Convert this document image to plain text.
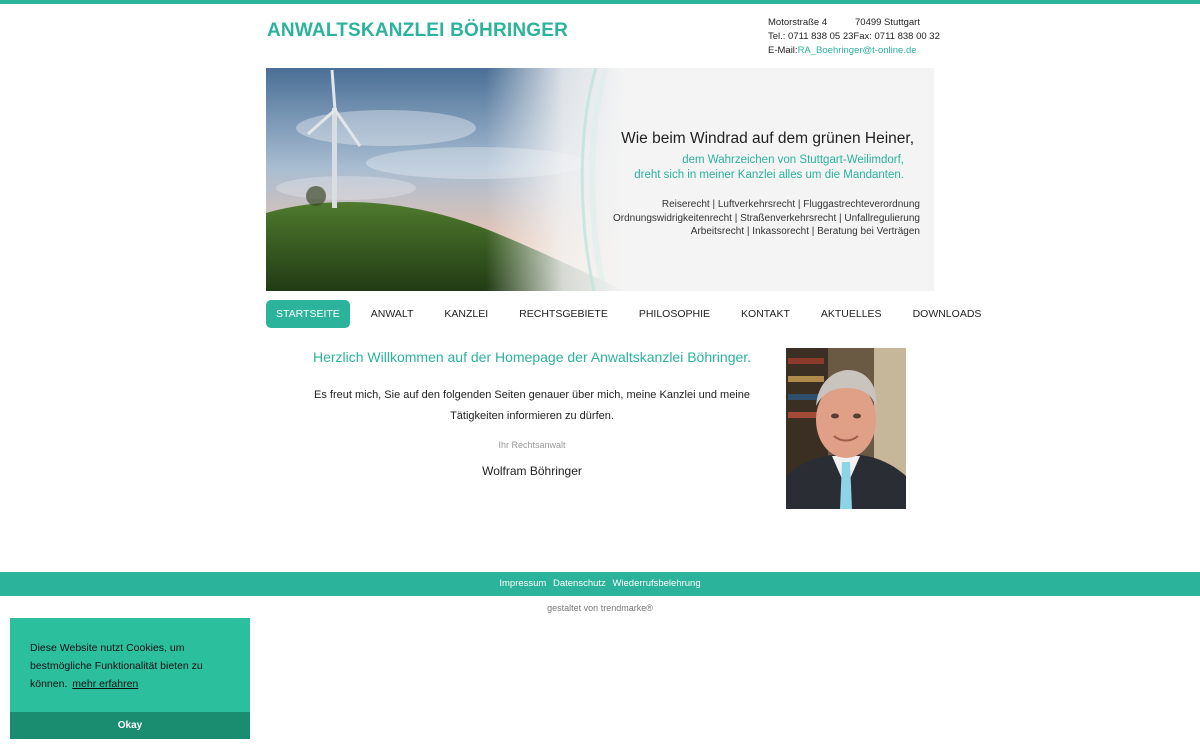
ANWALTSKANZLEI BÖHRINGER	Motorstraße 4	70499 Stuttgart
Tel.: 0711 838 05 23 Fax: 0711 838 00 32
E-Mail: RA_Boehringer@t-online.de
Wie beim Windrad auf dem grünen Heiner,
dem Wahrzeichen von Stuttgart-Weilimdorf,
dreht sich in meiner Kanzlei alles um die Mandanten.
Reiserecht | Luftverkehrsrecht | Fluggastrechteverordnung
Ordnungswidrigkeitenrecht | Straßenverkehrsrecht | Unfallregulierung
Arbeitsrecht | Inkassorecht | Beratung bei Verträgen
STARTSEITE	ANWALT	KANZLEI	RECHTSGEBIETE	PHILOSOPHIE	KONTAKT	AKTUELLES	DOWNLOADS
Herzlich Willkommen auf der Homepage der Anwaltskanzlei Böhringer.
Es freut mich, Sie auf den folgenden Seiten genauer über mich, meine Kanzlei und meine Tätigkeiten informieren zu dürfen.
Ihr Rechtsanwalt
Wolfram Böhringer
Impressum Datenschutz Wiederrufsbelehrung
gestaltet von trendmarke®
Diese Website nutzt Cookies, um bestmögliche Funktionalität bieten zu können. mehr erfahren
Okay
